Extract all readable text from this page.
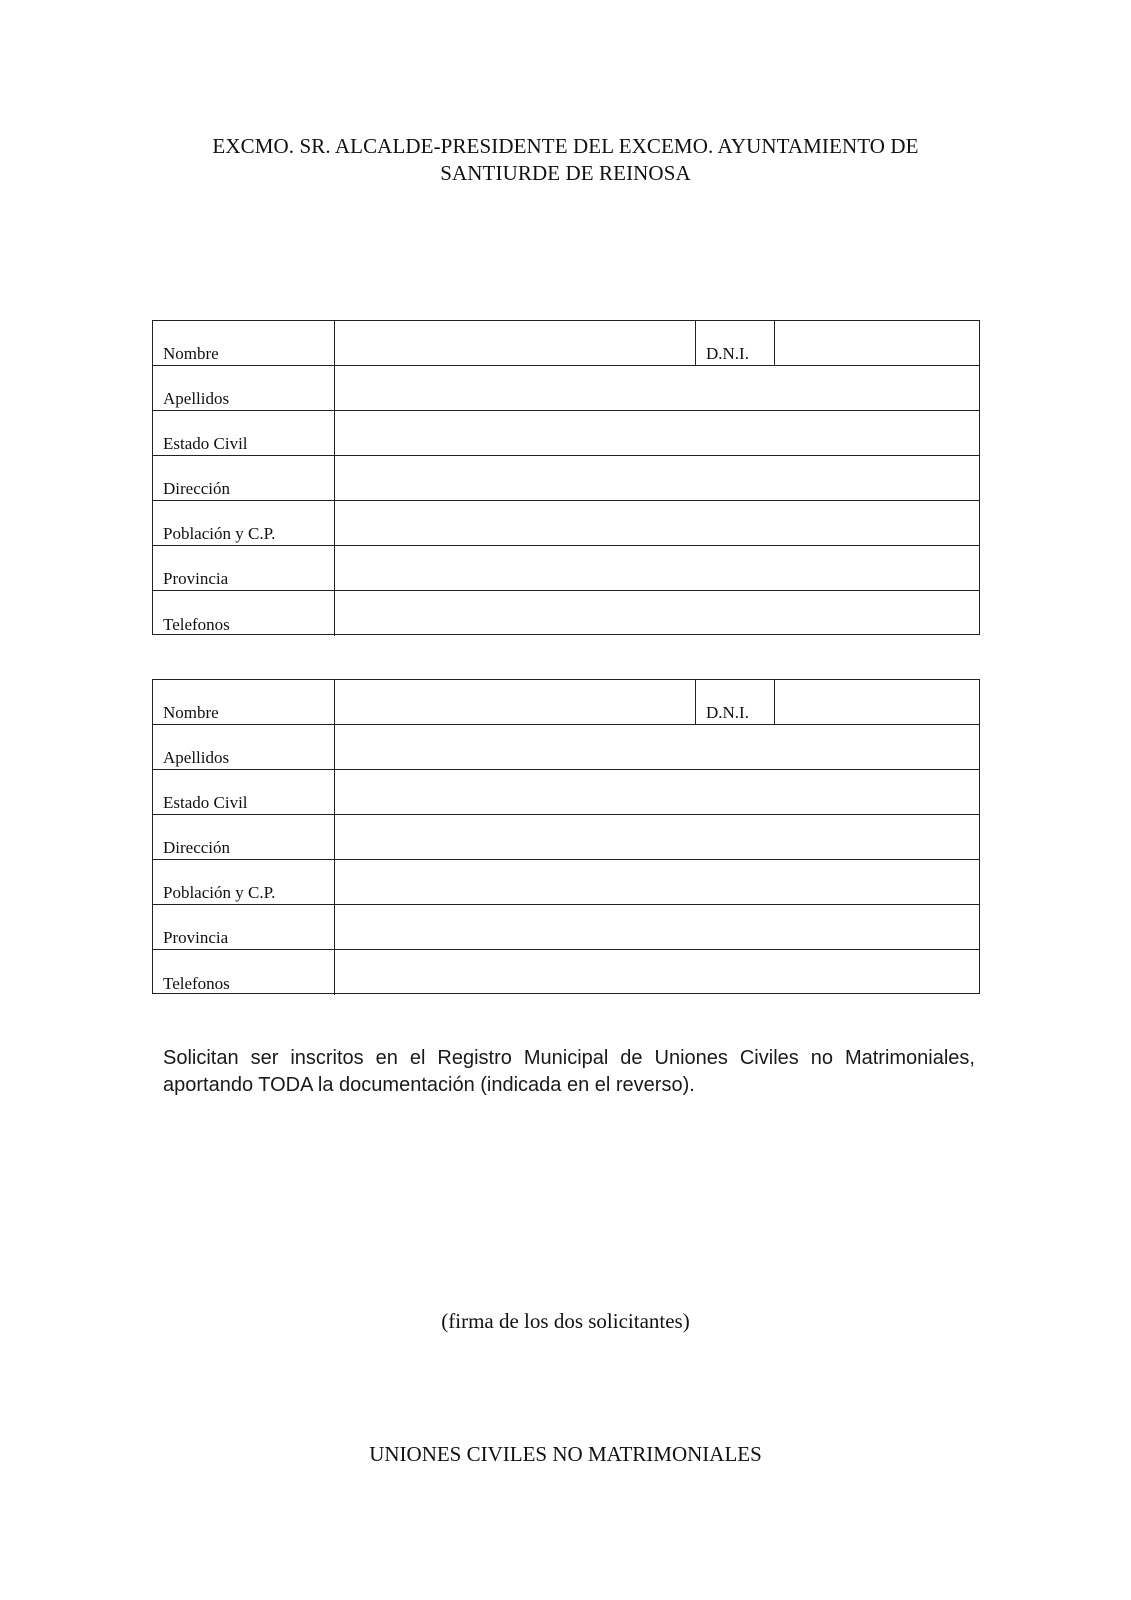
EXCMO. SR. ALCALDE-PRESIDENTE DEL EXCEMO. AYUNTAMIENTO DE
SANTIURDE DE REINOSA
Nombre	D.N.I.
Apellidos
Estado Civil
Dirección
Población y C.P.
Provincia
Telefonos
Nombre	D.N.I.
Apellidos
Estado Civil
Dirección
Población y C.P.
Provincia
Telefonos

Solicitan ser inscritos en el Registro Municipal de Uniones Civiles no Matrimoniales, aportando TODA la documentación (indicada en el reverso).

(firma de los dos solicitantes)
UNIONES CIVILES NO MATRIMONIALES
